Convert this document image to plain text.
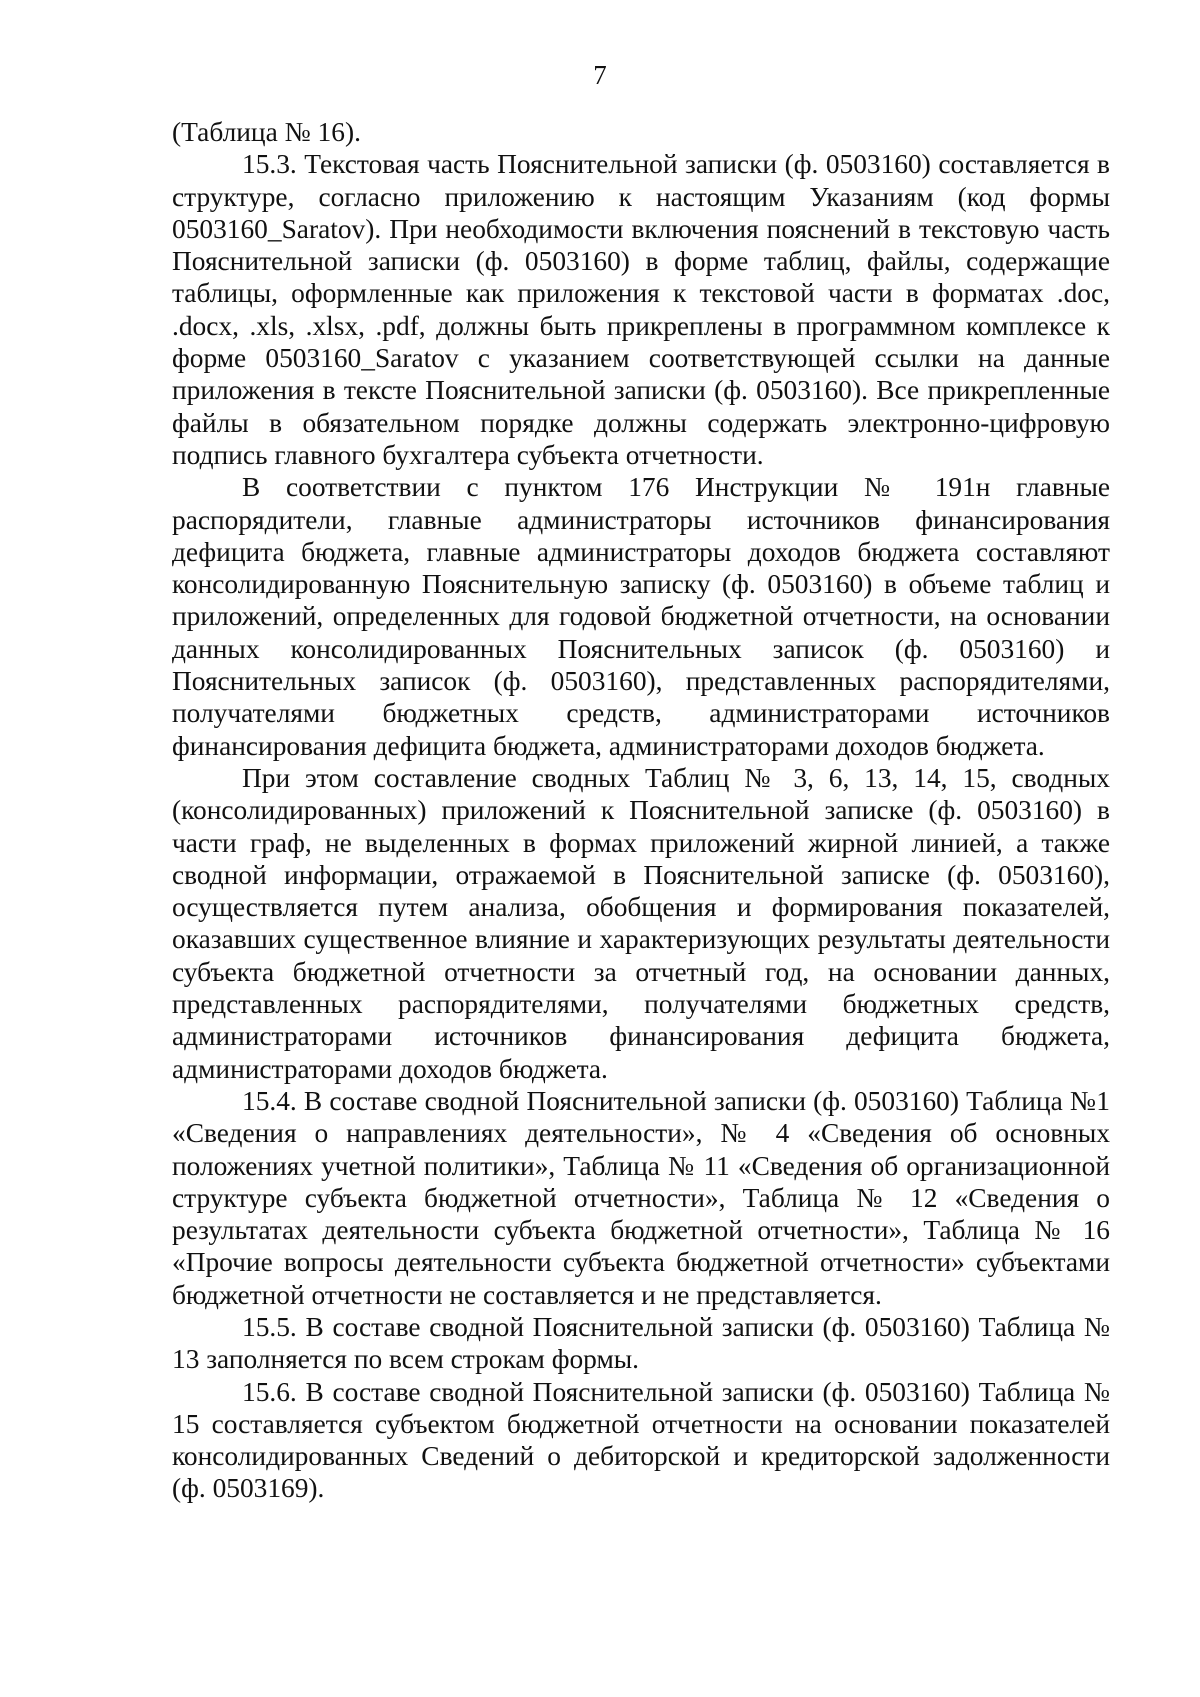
7

(Таблица № 16).

15.3. Текстовая часть Пояснительной записки (ф. 0503160) составляется в структуре, согласно приложению к настоящим Указаниям (код формы 0503160_Saratov). При необходимости включения пояснений в текстовую часть Пояснительной записки (ф. 0503160) в форме таблиц, файлы, содержащие таблицы, оформленные как приложения к текстовой части в форматах .doc, .docx, .xls, .xlsx, .pdf, должны быть прикреплены в программном комплексе к форме 0503160_Saratov с указанием соответствующей ссылки на данные приложения в тексте Пояснительной записки (ф. 0503160). Все прикрепленные файлы в обязательном порядке должны содержать электронно-цифровую подпись главного бухгалтера субъекта отчетности.

В соответствии с пунктом 176 Инструкции № 191н главные распорядители, главные администраторы источников финансирования дефицита бюджета, главные администраторы доходов бюджета составляют консолидированную Пояснительную записку (ф. 0503160) в объеме таблиц и приложений, определенных для годовой бюджетной отчетности, на основании данных консолидированных Пояснительных записок (ф. 0503160) и Пояснительных записок (ф. 0503160), представленных распорядителями, получателями бюджетных средств, администраторами источников финансирования дефицита бюджета, администраторами доходов бюджета.

При этом составление сводных Таблиц № 3, 6, 13, 14, 15, сводных (консолидированных) приложений к Пояснительной записке (ф. 0503160) в части граф, не выделенных в формах приложений жирной линией, а также сводной информации, отражаемой в Пояснительной записке (ф. 0503160), осуществляется путем анализа, обобщения и формирования показателей, оказавших существенное влияние и характеризующих результаты деятельности субъекта бюджетной отчетности за отчетный год, на основании данных, представленных распорядителями, получателями бюджетных средств, администраторами источников финансирования дефицита бюджета, администраторами доходов бюджета.

15.4. В составе сводной Пояснительной записки (ф. 0503160) Таблица №1 «Сведения о направлениях деятельности», № 4 «Сведения об основных положениях учетной политики», Таблица № 11 «Сведения об организационной структуре субъекта бюджетной отчетности», Таблица № 12 «Сведения о результатах деятельности субъекта бюджетной отчетности», Таблица № 16 «Прочие вопросы деятельности субъекта бюджетной отчетности» субъектами бюджетной отчетности не составляется и не представляется.

15.5. В составе сводной Пояснительной записки (ф. 0503160) Таблица № 13 заполняется по всем строкам формы.

15.6. В составе сводной Пояснительной записки (ф. 0503160) Таблица № 15 составляется субъектом бюджетной отчетности на основании показателей консолидированных Сведений о дебиторской и кредиторской задолженности (ф. 0503169).
